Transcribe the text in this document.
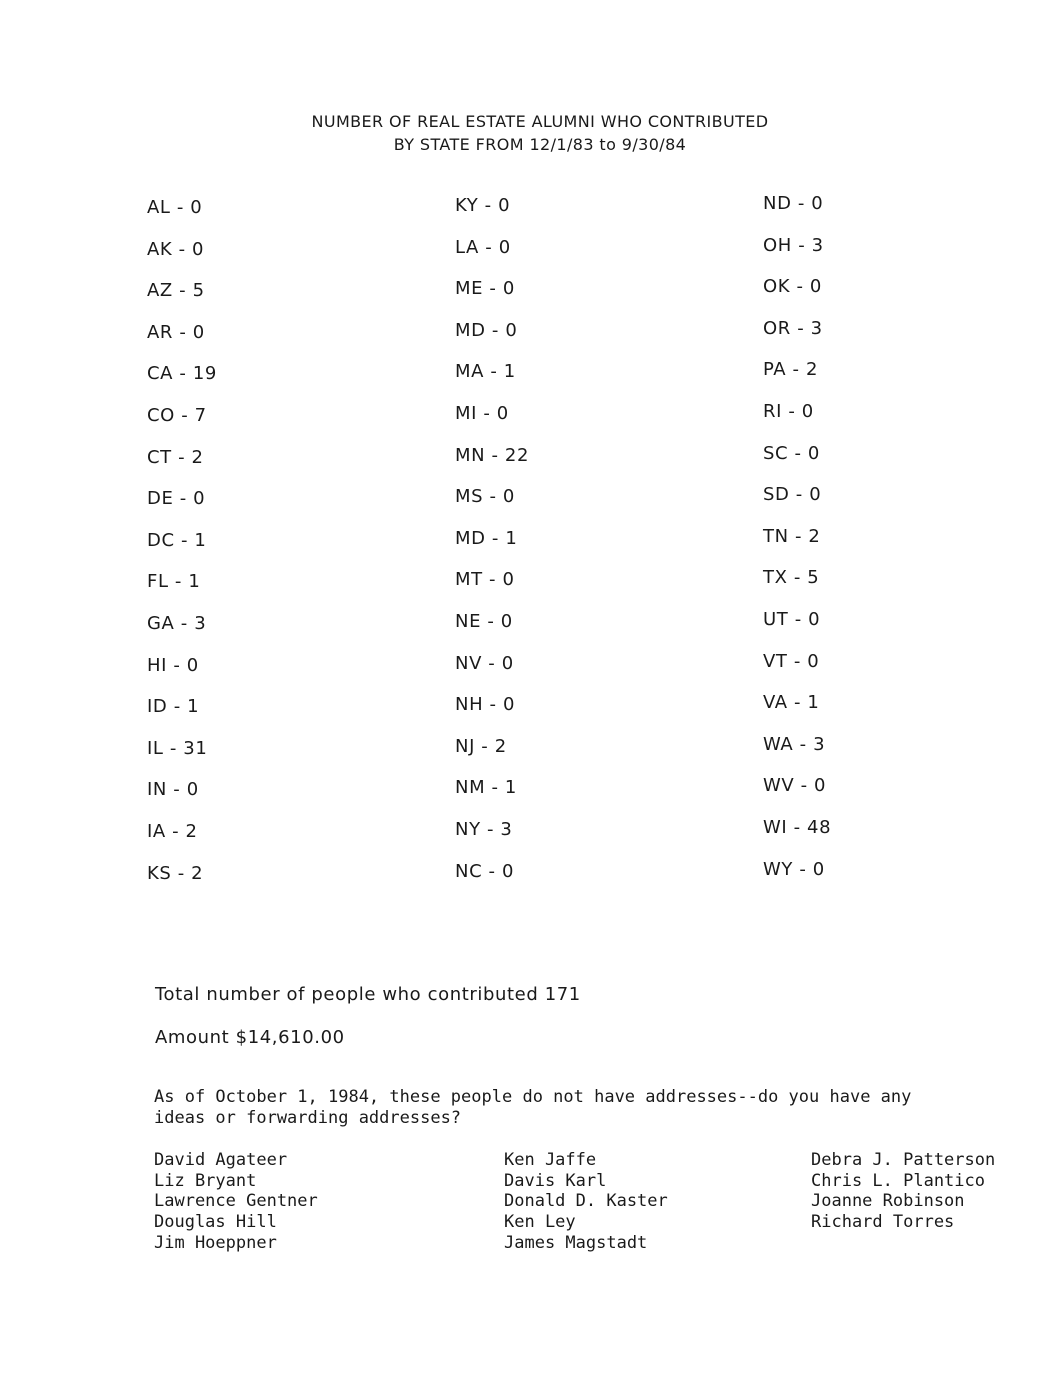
NUMBER OF REAL ESTATE ALUMNI WHO CONTRIBUTED
BY STATE FROM 12/1/83 to 9/30/84
AL - 0
AK - 0
AZ - 5
AR - 0
CA - 19
CO - 7
CT - 2
DE - 0
DC - 1
FL - 1
GA - 3
HI - 0
ID - 1
IL - 31
IN - 0
IA - 2
KS - 2
KY - 0
LA - 0
ME - 0
MD - 0
MA - 1
MI - 0
MN - 22
MS - 0
MD - 1
MT - 0
NE - 0
NV - 0
NH - 0
NJ - 2
NM - 1
NY - 3
NC - 0
ND - 0
OH - 3
OK - 0
OR - 3
PA - 2
RI - 0
SC - 0
SD - 0
TN - 2
TX - 5
UT - 0
VT - 0
VA - 1
WA - 3
WV - 0
WI - 48
WY - 0
Total number of people who contributed 171
Amount $14,610.00
As of October 1, 1984, these people do not have addresses--do you have any
ideas or forwarding addresses?
David Agateer
Liz Bryant
Lawrence Gentner
Douglas Hill
Jim Hoeppner
Ken Jaffe
Davis Karl
Donald D. Kaster
Ken Ley
James Magstadt
Debra J. Patterson
Chris L. Plantico
Joanne Robinson
Richard Torres
